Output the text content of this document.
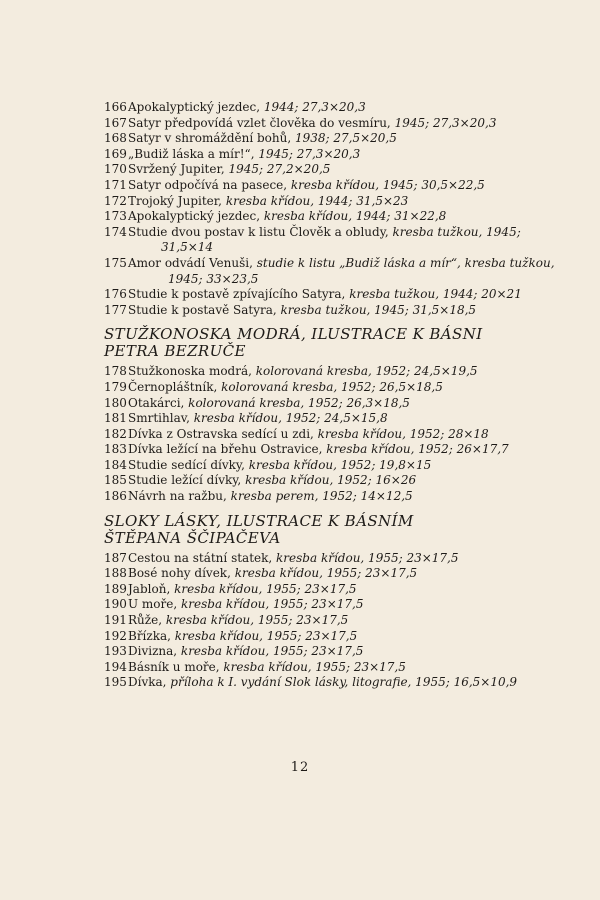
166 Apokalyptický jezdec, 1944; 27,3×20,3
167 Satyr předpovídá vzlet člověka do vesmíru, 1945; 27,3×20,3
168 Satyr v shromáždění bohů, 1938; 27,5×20,5
169 „Budiž láska a mír!“, 1945; 27,3×20,3
170 Svržený Jupiter, 1945; 27,2×20,5
171 Satyr odpočívá na pasece, kresba křídou, 1945; 30,5×22,5
172 Trojoký Jupiter, kresba křídou, 1944; 31,5×23
173 Apokalyptický jezdec, kresba křídou, 1944; 31×22,8
174 Studie dvou postav k listu Člověk a obludy, kresba tužkou, 1945;
31,5×14
175 Amor odvádí Venuši, studie k listu „Budiž láska a mír“, kresba tužkou,
1945; 33×23,5
176 Studie k postavě zpívajícího Satyra, kresba tužkou, 1944; 20×21
177 Studie k postavě Satyra, kresba tužkou, 1945; 31,5×18,5
STUŽKONOSKA MODRÁ, ILUSTRACE K BÁSNI
PETRA BEZRUČE
178 Stužkonoska modrá, kolorovaná kresba, 1952; 24,5×19,5
179 Černopláštník, kolorovaná kresba, 1952; 26,5×18,5
180 Otakárci, kolorovaná kresba, 1952; 26,3×18,5
181 Smrtihlav, kresba křídou, 1952; 24,5×15,8
182 Dívka z Ostravska sedící u zdi, kresba křídou, 1952; 28×18
183 Dívka ležící na břehu Ostravice, kresba křídou, 1952; 26×17,7
184 Studie sedící dívky, kresba křídou, 1952; 19,8×15
185 Studie ležící dívky, kresba křídou, 1952; 16×26
186 Návrh na ražbu, kresba perem, 1952; 14×12,5
SLOKY LÁSKY, ILUSTRACE K BÁSNÍM
ŠTĚPANA ŠČIPAČEVA
187 Cestou na státní statek, kresba křídou, 1955; 23×17,5
188 Bosé nohy dívek, kresba křídou, 1955; 23×17,5
189 Jabloň, kresba křídou, 1955; 23×17,5
190 U moře, kresba křídou, 1955; 23×17,5
191 Růže, kresba křídou, 1955; 23×17,5
192 Břízka, kresba křídou, 1955; 23×17,5
193 Divizna, kresba křídou, 1955; 23×17,5
194 Básník u moře, kresba křídou, 1955; 23×17,5
195 Dívka, příloha k I. vydání Slok lásky, litografie, 1955; 16,5×10,9
12
